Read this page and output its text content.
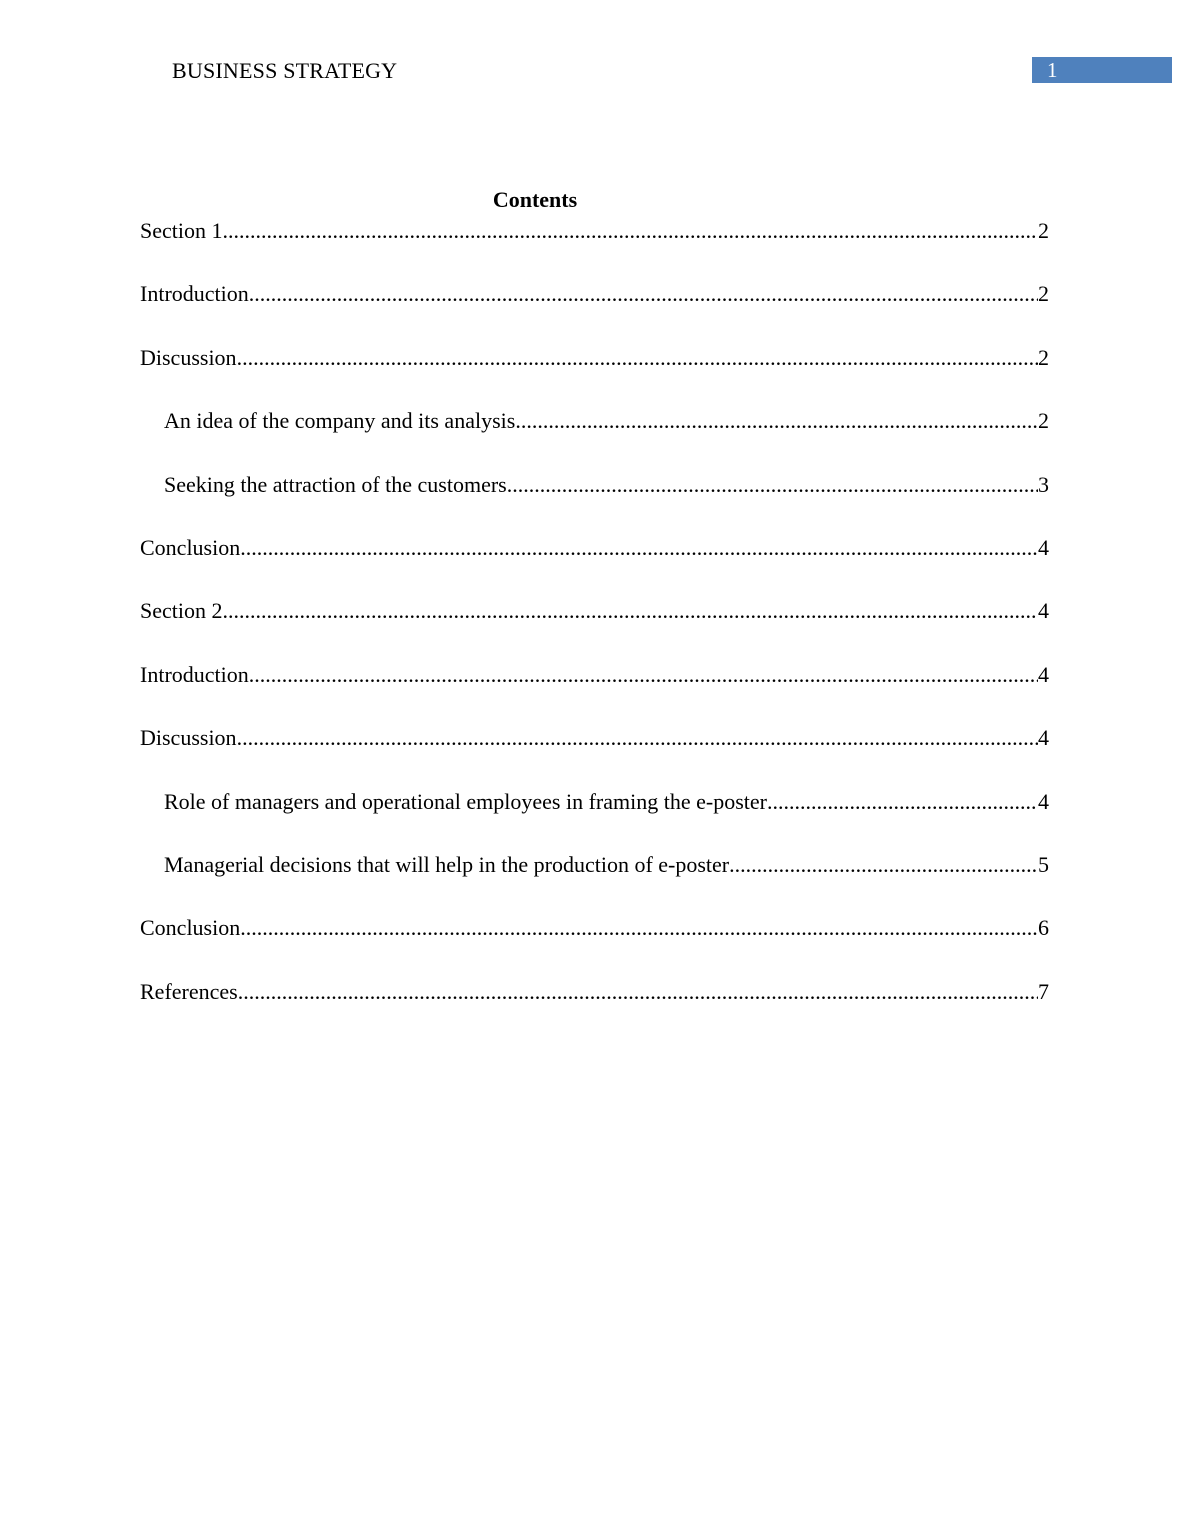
BUSINESS STRATEGY	1
Contents
Section 1 .....	2
Introduction .....	2
Discussion .....	2
An idea of the company and its analysis .....	2
Seeking the attraction of the customers .....	3
Conclusion .....	4
Section 2 .....	4
Introduction .....	4
Discussion .....	4
Role of managers and operational employees in framing the e-poster .....	4
Managerial decisions that will help in the production of e-poster .....	5
Conclusion .....	6
References .....	7
